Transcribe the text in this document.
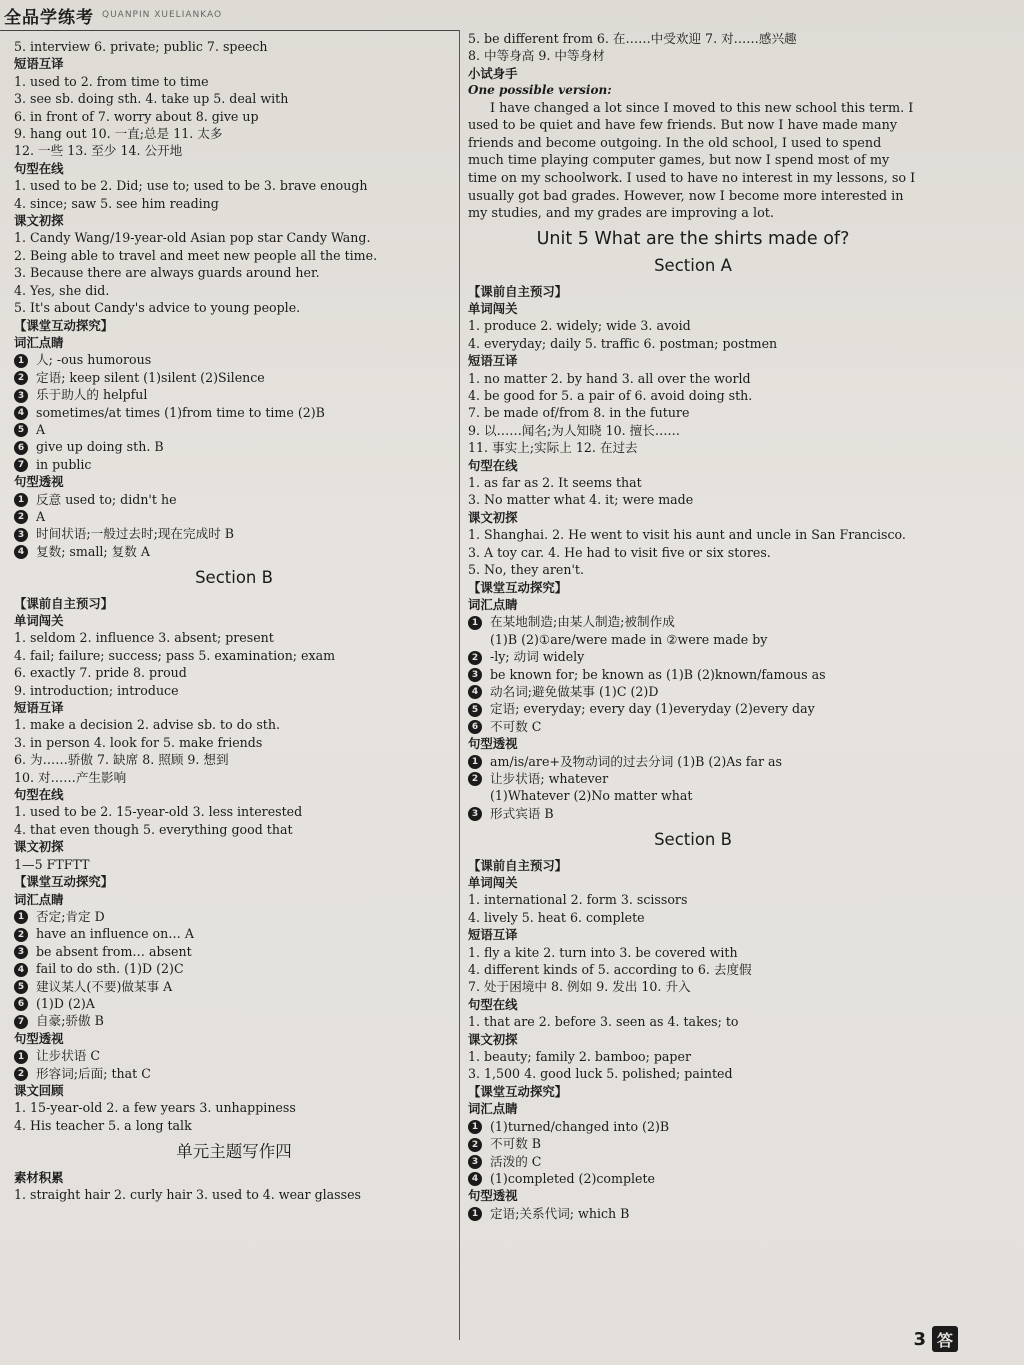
全品学练考 QUANPIN XUELIANKAO
5. interview 6. private; public 7. speech
短语互译
1. used to 2. from time to time
3. see sb. doing sth. 4. take up 5. deal with
6. in front of 7. worry about 8. give up
9. hang out 10. 一直;总是 11. 太多
12. 一些 13. 至少 14. 公开地
句型在线
1. used to be 2. Did; use to; used to be 3. brave enough
4. since; saw 5. see him reading
课文初探
1. Candy Wang/19-year-old Asian pop star Candy Wang.
2. Being able to travel and meet new people all the time.
3. Because there are always guards around her.
4. Yes, she did.
5. It's about Candy's advice to young people.
【课堂互动探究】
词汇点睛
1 人; -ous humorous
2 定语; keep silent (1)silent (2)Silence
3 乐于助人的 helpful
4 sometimes/at times (1)from time to time (2)B
5 A
6 give up doing sth. B
7 in public
句型透视
1 反意 used to; didn't he
2 A
3 时间状语;一般过去时;现在完成时 B
4 复数; small; 复数 A
Section B
【课前自主预习】
单词闯关
1. seldom 2. influence 3. absent; present
4. fail; failure; success; pass 5. examination; exam
6. exactly 7. pride 8. proud
9. introduction; introduce
短语互译
1. make a decision 2. advise sb. to do sth.
3. in person 4. look for 5. make friends
6. 为……骄傲 7. 缺席 8. 照顾 9. 想到
10. 对……产生影响
句型在线
1. used to be 2. 15-year-old 3. less interested
4. that even though 5. everything good that
课文初探
1—5 FTFTT
【课堂互动探究】
词汇点睛
1 否定;肯定 D
2 have an influence on… A
3 be absent from… absent
4 fail to do sth. (1)D (2)C
5 建议某人(不要)做某事 A
6 (1)D (2)A
7 自豪;骄傲 B
句型透视
1 让步状语 C
2 形容词;后面; that C
课文回顾
1. 15-year-old 2. a few years 3. unhappiness
4. His teacher 5. a long talk
单元主题写作四
素材积累
1. straight hair 2. curly hair 3. used to 4. wear glasses
5. be different from 6. 在……中受欢迎 7. 对……感兴趣
8. 中等身高 9. 中等身材
小试身手
One possible version:
I have changed a lot since I moved to this new school this term. I used to be quiet and have few friends. But now I have made many friends and become outgoing. In the old school, I used to spend much time playing computer games, but now I spend most of my time on my schoolwork. I used to have no interest in my lessons, so I usually got bad grades. However, now I become more interested in my studies, and my grades are improving a lot.
Unit 5 What are the shirts made of?
Section A
【课前自主预习】
单词闯关
1. produce 2. widely; wide 3. avoid
4. everyday; daily 5. traffic 6. postman; postmen
短语互译
1. no matter 2. by hand 3. all over the world
4. be good for 5. a pair of 6. avoid doing sth.
7. be made of/from 8. in the future
9. 以……闻名;为人知晓 10. 擅长……
11. 事实上;实际上 12. 在过去
句型在线
1. as far as 2. It seems that
3. No matter what 4. it; were made
课文初探
1. Shanghai. 2. He went to visit his aunt and uncle in San Francisco.
3. A toy car. 4. He had to visit five or six stores.
5. No, they aren't.
【课堂互动探究】
词汇点睛
1 在某地制造;由某人制造;被制作成
(1)B (2)①are/were made in ②were made by
2 -ly; 动词 widely
3 be known for; be known as (1)B (2)known/famous as
4 动名词;避免做某事 (1)C (2)D
5 定语; everyday; every day (1)everyday (2)every day
6 不可数 C
句型透视
1 am/is/are+及物动词的过去分词 (1)B (2)As far as
2 让步状语; whatever
(1)Whatever (2)No matter what
3 形式宾语 B
Section B
【课前自主预习】
单词闯关
1. international 2. form 3. scissors
4. lively 5. heat 6. complete
短语互译
1. fly a kite 2. turn into 3. be covered with
4. different kinds of 5. according to 6. 去度假
7. 处于困境中 8. 例如 9. 发出 10. 升入
句型在线
1. that are 2. before 3. seen as 4. takes; to
课文初探
1. beauty; family 2. bamboo; paper
3. 1,500 4. good luck 5. polished; painted
【课堂互动探究】
词汇点睛
1 (1)turned/changed into (2)B
2 不可数 B
3 活泼的 C
4 (1)completed (2)complete
句型透视
1 定语;关系代词; which B
3 答
